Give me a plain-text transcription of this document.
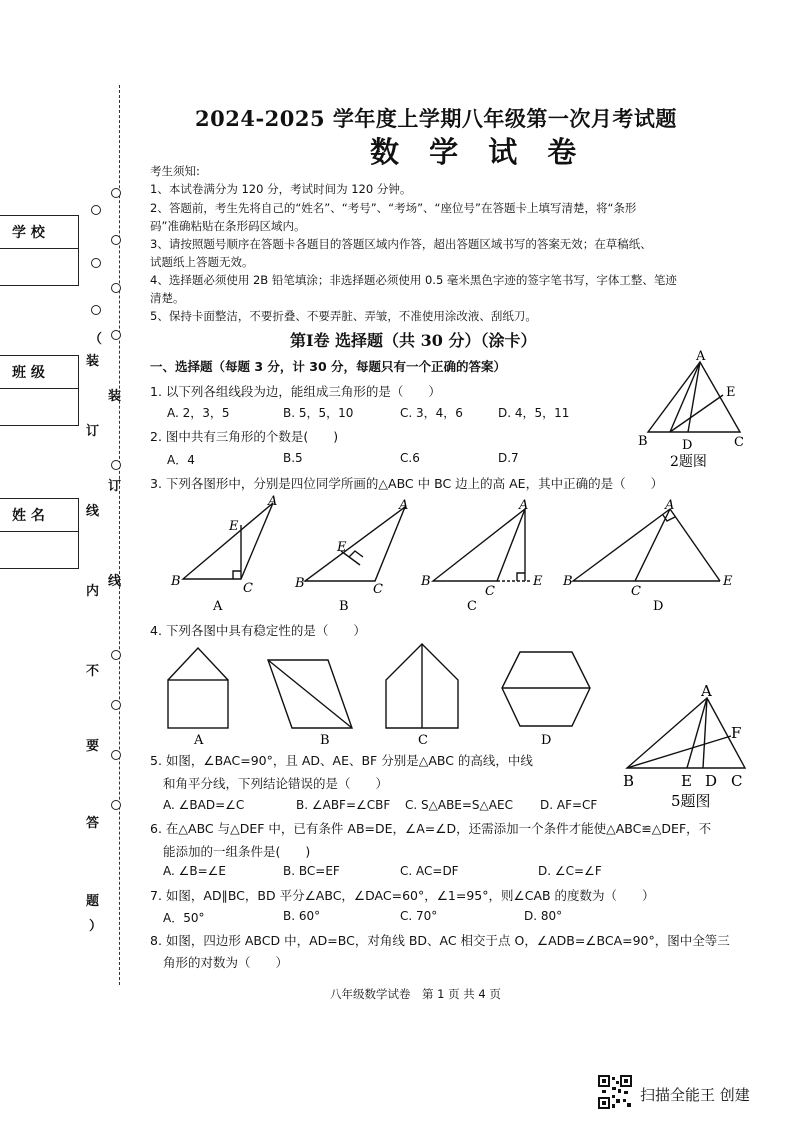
学 校
班 级
姓 名
（
装
订
线
内
不
要
答
题
）
装
订
线
2024-2025 学年度上学期八年级第一次月考试题
数 学 试 卷
考生须知:
1、本试卷满分为 120 分，考试时间为 120 分钟。
2、答题前，考生先将自己的“姓名”、“考号”、“考场”、“座位号”在答题卡上填写清楚，将“条形
码”准确粘贴在条形码区域内。
3、请按照题号顺序在答题卡各题目的答题区域内作答，超出答题区域书写的答案无效；在草稿纸、
试题纸上答题无效。
4、选择题必须使用 2B 铅笔填涂；非选择题必须使用 0.5 毫米黑色字迹的签字笔书写，字体工整、笔迹
清楚。
5、保持卡面整洁，不要折叠、不要弄脏、弄皱，不准使用涂改液、刮纸刀。
第Ⅰ卷 选择题（共 30 分）（涂卡）
一、选择题（每题 3 分，计 30 分，每题只有一个正确的答案）
1. 以下列各组线段为边，能组成三角形的是（　　）
A. 2，3，5	B. 5，5，10	C. 3，4，6	D. 4，5，11
2. 图中共有三角形的个数是(　　)
A．4	B.5	C.6	D.7
A
E
B	D	C
2题图
3. 下列各图形中，分别是四位同学所画的△ABC 中 BC 边上的高 AE，其中正确的是（　　）
A
E
B	C
A
E
B	C
A
B
C
E
A
B
C
E
A	B	C	D
4. 下列各图中具有稳定性的是（　　）
A	B	C	D
A
F
B	E D C
5题图
5. 如图，∠BAC=90°，且 AD、AE、BF 分别是△ABC 的高线，中线
和角平分线，下列结论错误的是（　　）
A. ∠BAD=∠C	B. ∠ABF=∠CBF C. S△ABE=S△AEC D. AF=CF
6. 在△ABC 与△DEF 中，已有条件 AB=DE，∠A=∠D，还需添加一个条件才能使△ABC≌△DEF，不
能添加的一组条件是(　　)
A. ∠B=∠E	B. BC=EF	C. AC=DF	D. ∠C=∠F
7. 如图，AD∥BC，BD 平分∠ABC，∠DAC=60°，∠1=95°，则∠CAB 的度数为（　　）
A．50°	B. 60°	C. 70°	D. 80°
8. 如图，四边形 ABCD 中，AD=BC，对角线 BD、AC 相交于点 O，∠ADB=∠BCA=90°，图中全等三
角形的对数为（　　）
八年级数学试卷　第 1 页 共 4 页
扫描全能王 创建
